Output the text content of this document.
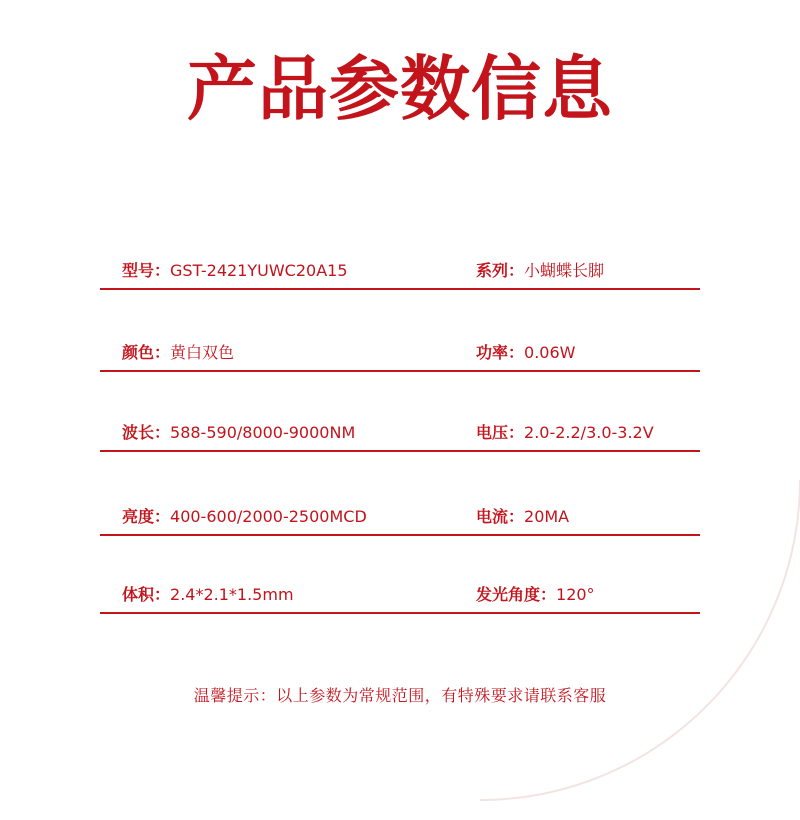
产品参数信息
型号：GST-2421YUWC20A15	系列：小蝴蝶长脚
颜色：黄白双色	功率：0.06W
波长：588-590/8000-9000NM	电压：2.0-2.2/3.0-3.2V
亮度：400-600/2000-2500MCD	电流：20MA
体积：2.4*2.1*1.5mm	发光角度：120°
温馨提示：以上参数为常规范围，有特殊要求请联系客服
